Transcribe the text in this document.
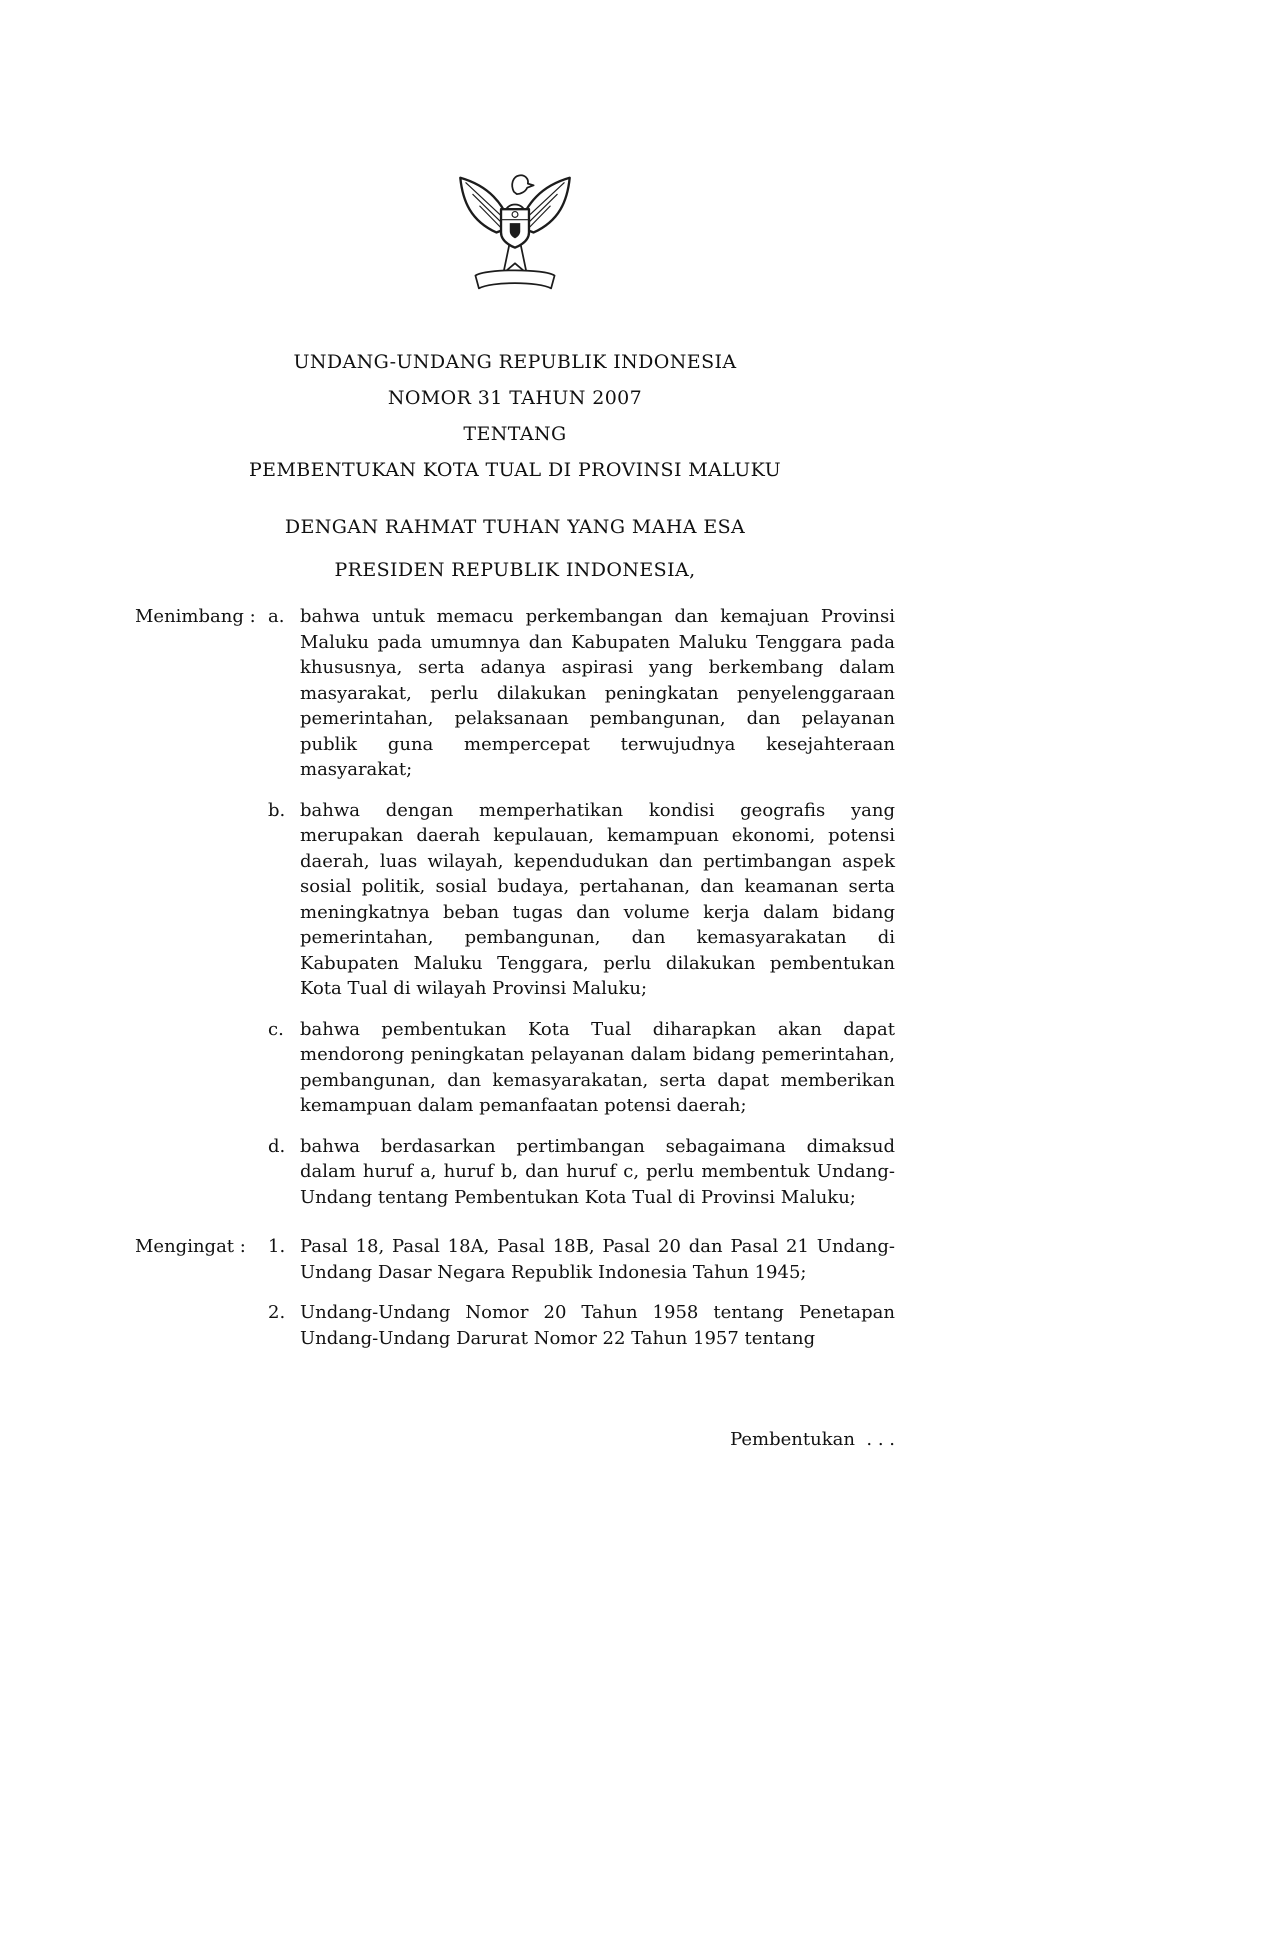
UNDANG-UNDANG REPUBLIK INDONESIA
NOMOR 31 TAHUN 2007
TENTANG
PEMBENTUKAN KOTA TUAL DI PROVINSI MALUKU
DENGAN RAHMAT TUHAN YANG MAHA ESA
PRESIDEN REPUBLIK INDONESIA,
Menimbang : a. bahwa untuk memacu perkembangan dan kemajuan Provinsi Maluku pada umumnya dan Kabupaten Maluku Tenggara pada khususnya, serta adanya aspirasi yang berkembang dalam masyarakat, perlu dilakukan peningkatan penyelenggaraan pemerintahan, pelaksanaan pembangunan, dan pelayanan publik guna mempercepat terwujudnya kesejahteraan masyarakat;
b. bahwa dengan memperhatikan kondisi geografis yang merupakan daerah kepulauan, kemampuan ekonomi, potensi daerah, luas wilayah, kependudukan dan pertimbangan aspek sosial politik, sosial budaya, pertahanan, dan keamanan serta meningkatnya beban tugas dan volume kerja dalam bidang pemerintahan, pembangunan, dan kemasyarakatan di Kabupaten Maluku Tenggara, perlu dilakukan pembentukan Kota Tual di wilayah Provinsi Maluku;
c. bahwa pembentukan Kota Tual diharapkan akan dapat mendorong peningkatan pelayanan dalam bidang pemerintahan, pembangunan, dan kemasyarakatan, serta dapat memberikan kemampuan dalam pemanfaatan potensi daerah;
d. bahwa berdasarkan pertimbangan sebagaimana dimaksud dalam huruf a, huruf b, dan huruf c, perlu membentuk Undang-Undang tentang Pembentukan Kota Tual di Provinsi Maluku;
Mengingat :	1. Pasal 18, Pasal 18A, Pasal 18B, Pasal 20 dan Pasal 21 Undang-Undang Dasar Negara Republik Indonesia Tahun 1945;
2. Undang-Undang Nomor 20 Tahun 1958 tentang Penetapan Undang-Undang Darurat Nomor 22 Tahun 1957 tentang
Pembentukan  . . .
